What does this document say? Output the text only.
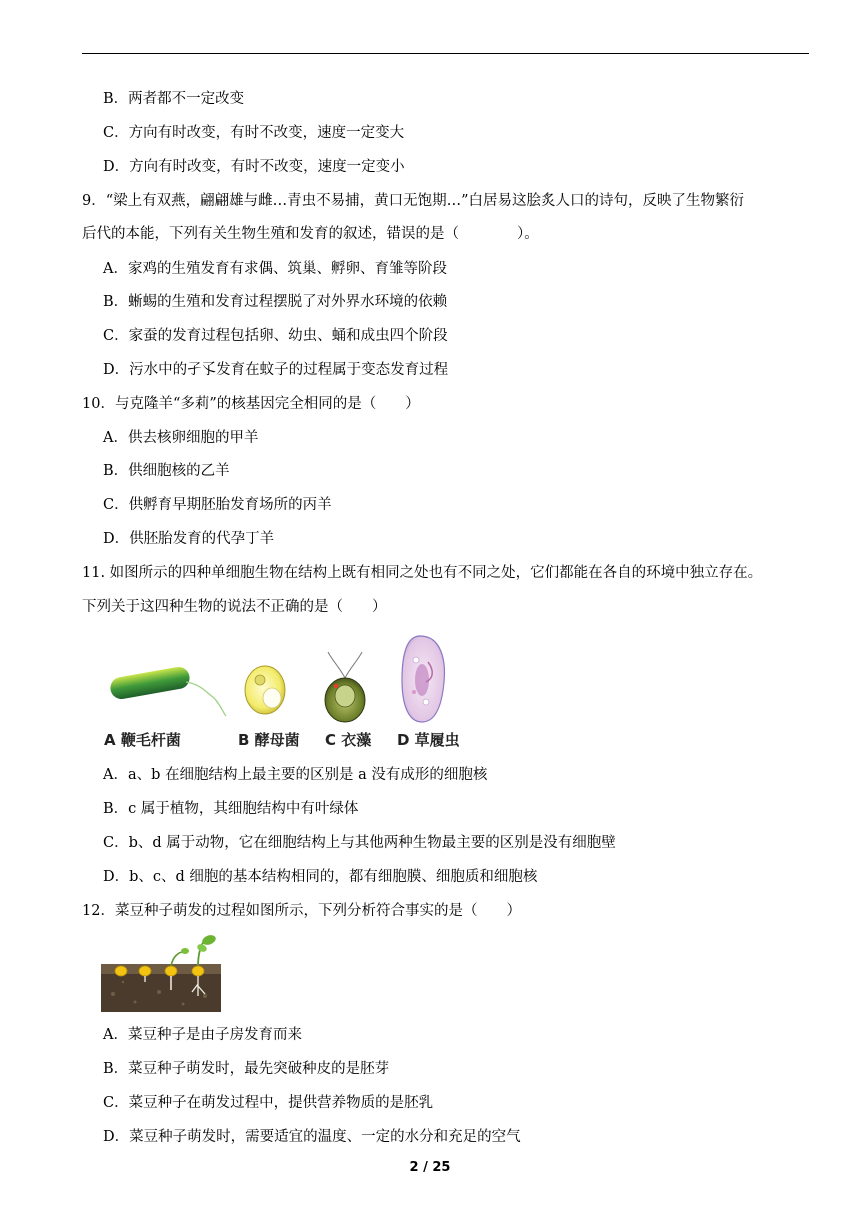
B．两者都不一定改变
C．方向有时改变，有时不改变，速度一定变大
D．方向有时改变，有时不改变，速度一定变小
9．“梁上有双燕，翩翩雄与雌…青虫不易捕，黄口无饱期…”白居易这脍炙人口的诗句，反映了生物繁衍
后代的本能，下列有关生物生殖和发育的叙述，错误的是（　　　　）。
A．家鸡的生殖发育有求偶、筑巢、孵卵、育雏等阶段
B．蜥蜴的生殖和发育过程摆脱了对外界水环境的依赖
C．家蚕的发育过程包括卵、幼虫、蛹和成虫四个阶段
D．污水中的孑孓发育在蚊子的过程属于变态发育过程
10．与克隆羊“多莉”的核基因完全相同的是（　　）
A．供去核卵细胞的甲羊
B．供细胞核的乙羊
C．供孵育早期胚胎发育场所的丙羊
D．供胚胎发育的代孕丁羊
11. 如图所示的四种单细胞生物在结构上既有相同之处也有不同之处，它们都能在各自的环境中独立存在。
下列关于这四种生物的说法不正确的是（　　）
A 鞭毛杆菌	B 酵母菌 C 衣藻 D 草履虫
A．a、b 在细胞结构上最主要的区别是 a 没有成形的细胞核
B．c 属于植物，其细胞结构中有叶绿体
C．b、d 属于动物，它在细胞结构上与其他两种生物最主要的区别是没有细胞壁
D．b、c、d 细胞的基本结构相同的，都有细胞膜、细胞质和细胞核
12．菜豆种子萌发的过程如图所示，下列分析符合事实的是（　　）
A．菜豆种子是由子房发育而来
B．菜豆种子萌发时，最先突破种皮的是胚芽
C．菜豆种子在萌发过程中，提供营养物质的是胚乳
D．菜豆种子萌发时，需要适宜的温度、一定的水分和充足的空气
2 / 25
